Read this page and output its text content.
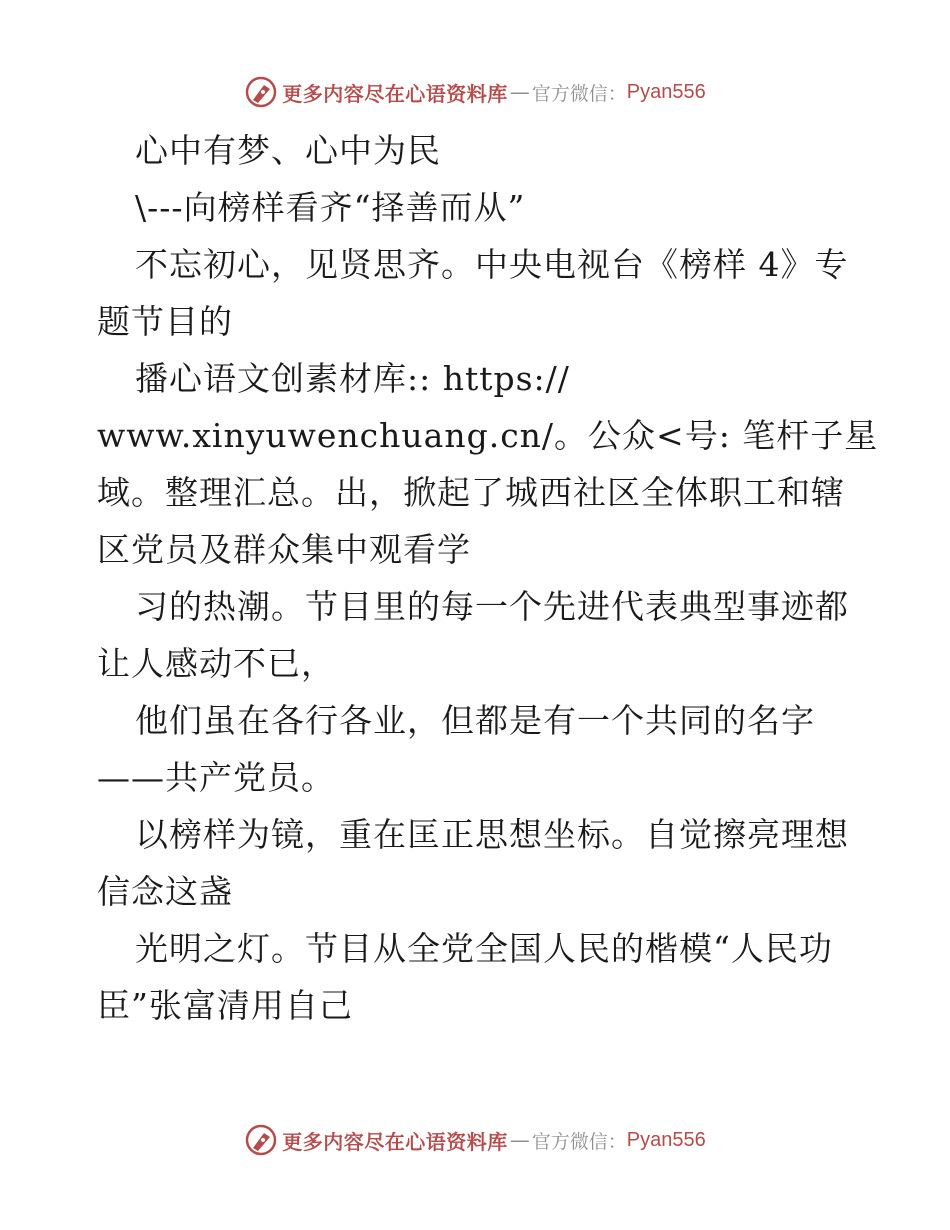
更多内容尽在心语资料库 — 官方微信： Pyan556
心中有梦、心中为民
\---向榜样看齐“择善而从”
不忘初心，见贤思齐。中央电视台《榜样 4》专
题节目的
播心语文创素材库:: https://
www.xinyuwenchuang.cn/。公众<号: 笔杆子星
域。整理汇总。出，掀起了城西社区全体职工和辖
区党员及群众集中观看学
习的热潮。节目里的每一个先进代表典型事迹都
让人感动不已，
他们虽在各行各业，但都是有一个共同的名字
——共产党员。
以榜样为镜，重在匡正思想坐标。自觉擦亮理想
信念这盏
光明之灯。节目从全党全国人民的楷模“人民功
臣”张富清用自己
更多内容尽在心语资料库 — 官方微信： Pyan556
